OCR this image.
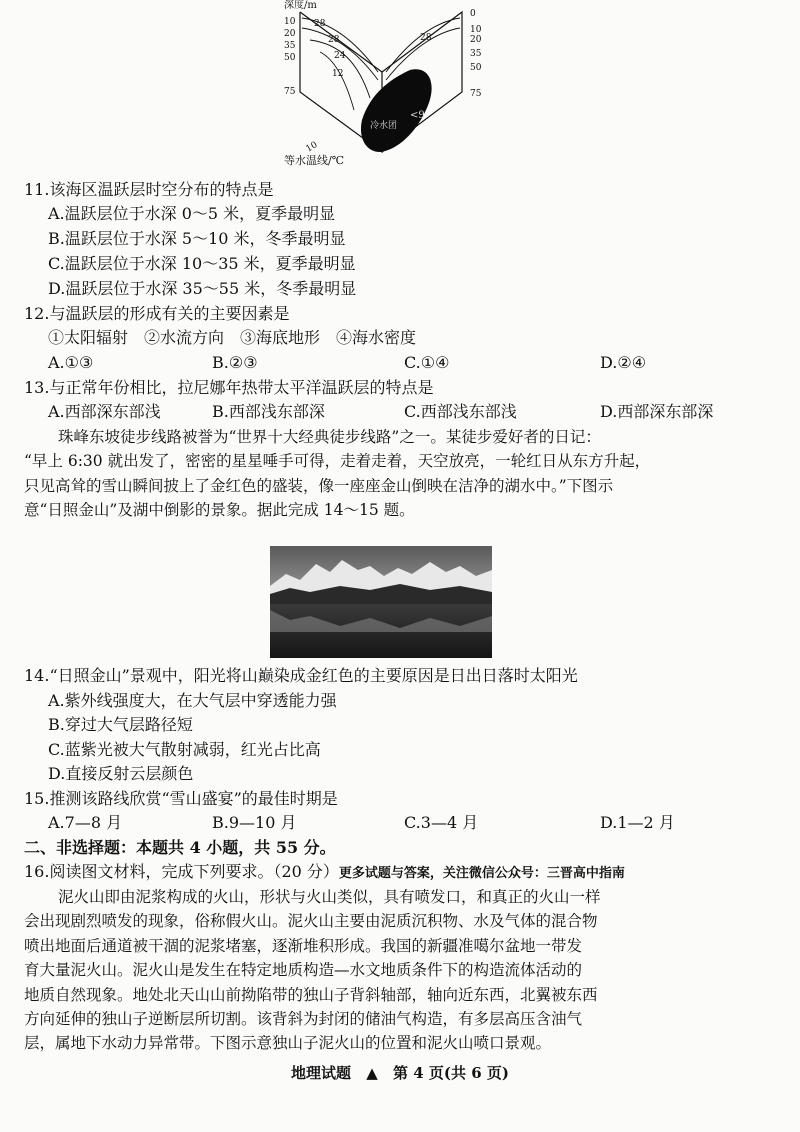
深度/m
冷水团
<9
28
28
24
12
28
10
20
35
50
75
0
10
20
35
50
75
10
等水温线/℃
11.该海区温跃层时空分布的特点是
A.温跃层位于水深 0～5 米，夏季最明显
B.温跃层位于水深 5～10 米，冬季最明显
C.温跃层位于水深 10～35 米，夏季最明显
D.温跃层位于水深 35～55 米，冬季最明显
12.与温跃层的形成有关的主要因素是
①太阳辐射　②水流方向　③海底地形　④海水密度
A.①③	B.②③	C.①④	D.②④
13.与正常年份相比，拉尼娜年热带太平洋温跃层的特点是
A.西部深东部浅	B.西部浅东部深	C.西部浅东部浅	D.西部深东部深
珠峰东坡徒步线路被誉为“世界十大经典徒步线路”之一。某徒步爱好者的日记：
“早上 6:30 就出发了，密密的星星唾手可得，走着走着，天空放亮，一轮红日从东方升起，
只见高耸的雪山瞬间披上了金红色的盛装，像一座座金山倒映在洁净的湖水中。”下图示
意“日照金山”及湖中倒影的景象。据此完成 14～15 题。
14.“日照金山”景观中，阳光将山巅染成金红色的主要原因是日出日落时太阳光
A.紫外线强度大，在大气层中穿透能力强
B.穿过大气层路径短
C.蓝紫光被大气散射减弱，红光占比高
D.直接反射云层颜色
15.推测该路线欣赏“雪山盛宴”的最佳时期是
A.7—8 月	B.9—10 月	C.3—4 月	D.1—2 月
二、非选择题：本题共 4 小题，共 55 分。
16.阅读图文材料，完成下列要求。（20 分）更多试题与答案，关注微信公众号：三晋高中指南
泥火山即由泥浆构成的火山，形状与火山类似，具有喷发口，和真正的火山一样
会出现剧烈喷发的现象，俗称假火山。泥火山主要由泥质沉积物、水及气体的混合物
喷出地面后通道被干涸的泥浆堵塞，逐渐堆积形成。我国的新疆准噶尔盆地一带发
育大量泥火山。泥火山是发生在特定地质构造—水文地质条件下的构造流体活动的
地质自然现象。地处北天山山前拗陷带的独山子背斜轴部，轴向近东西，北翼被东西
方向延伸的独山子逆断层所切割。该背斜为封闭的储油气构造，有多层高压含油气
层，属地下水动力异常带。下图示意独山子泥火山的位置和泥火山喷口景观。
地理试题 ▲ 第 4 页(共 6 页)
